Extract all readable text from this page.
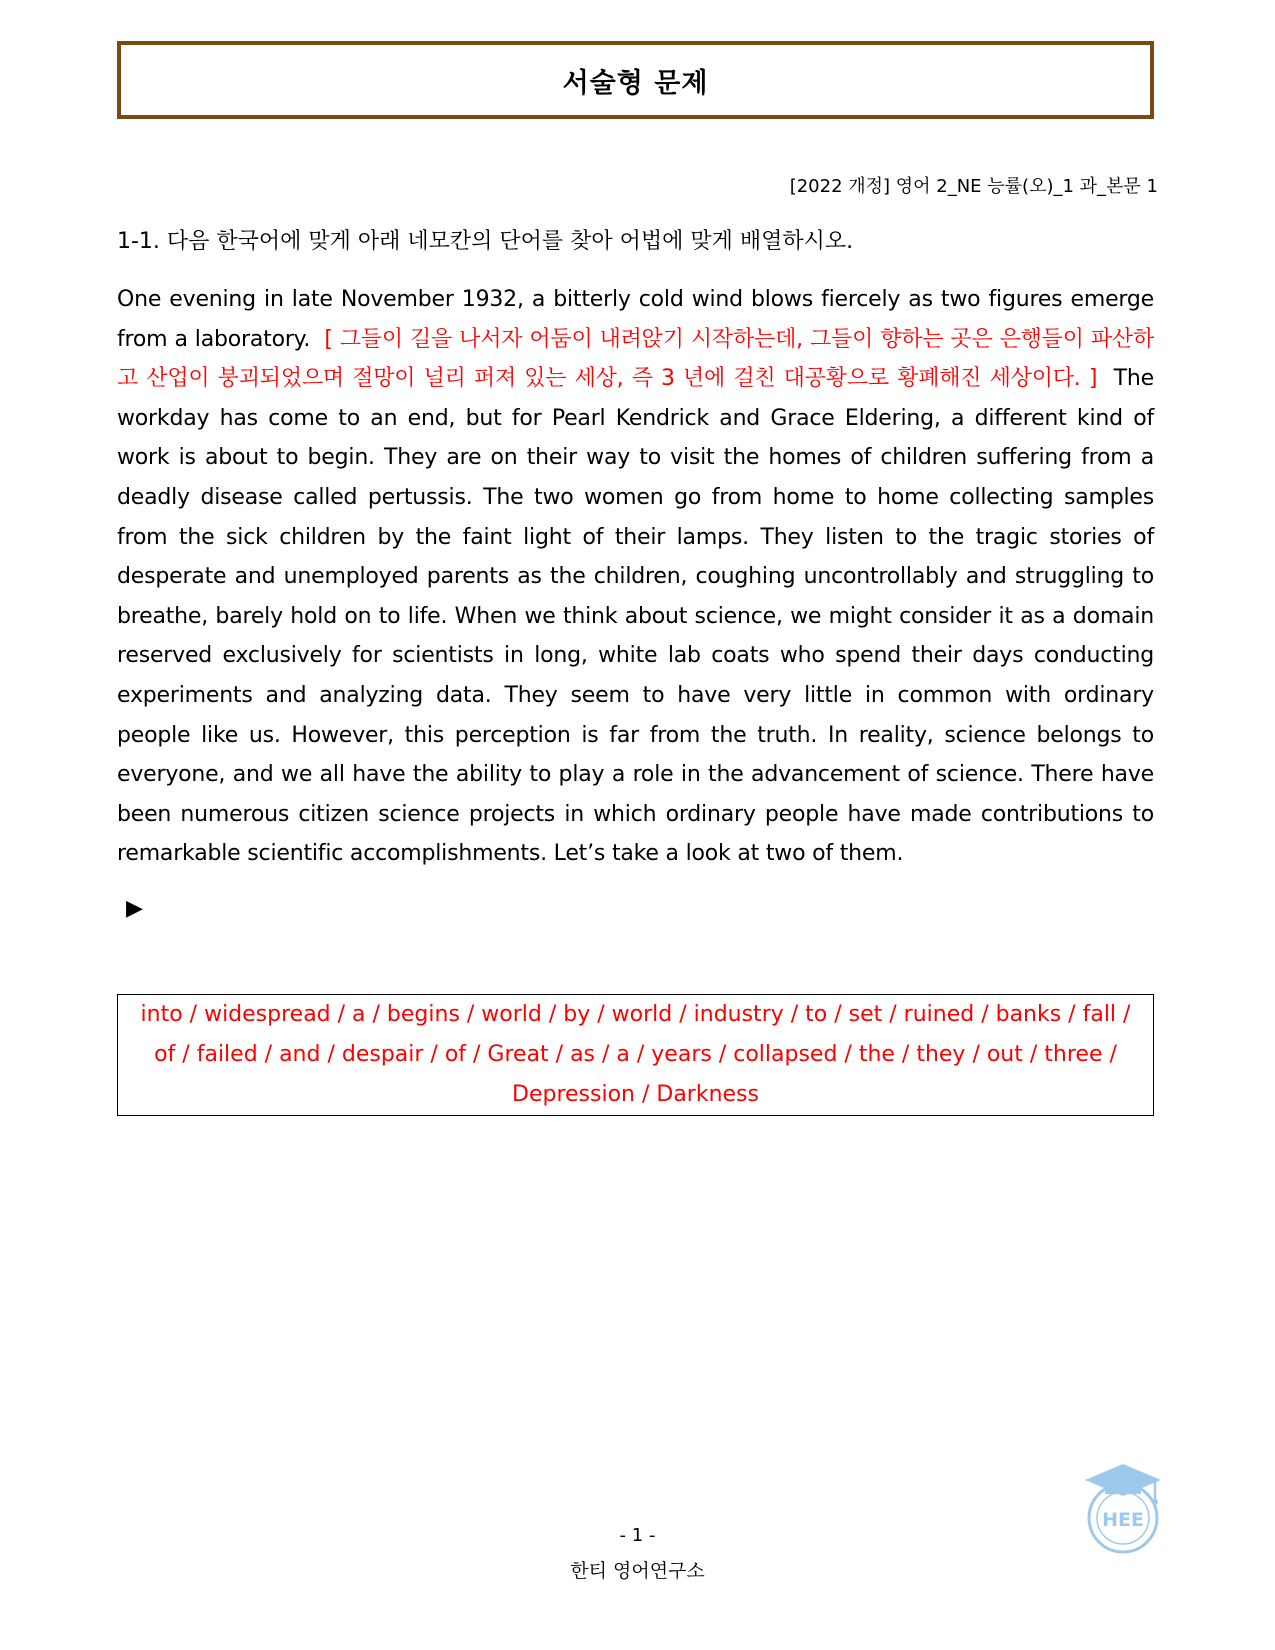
서술형 문제
[2022 개정] 영어 2_NE 능률(오)_1 과_본문 1
1-1. 다음 한국어에 맞게 아래 네모칸의 단어를 찾아 어법에 맞게 배열하시오.
One evening in late November 1932, a bitterly cold wind blows fiercely as two figures emerge from a laboratory. [ 그들이 길을 나서자 어둠이 내려앉기 시작하는데, 그들이 향하는 곳은 은행들이 파산하고 산업이 붕괴되었으며 절망이 널리 퍼져 있는 세상, 즉 3 년에 걸친 대공황으로 황폐해진 세상이다. ] The workday has come to an end, but for Pearl Kendrick and Grace Eldering, a different kind of work is about to begin. They are on their way to visit the homes of children suffering from a deadly disease called pertussis. The two women go from home to home collecting samples from the sick children by the faint light of their lamps. They listen to the tragic stories of desperate and unemployed parents as the children, coughing uncontrollably and struggling to breathe, barely hold on to life. When we think about science, we might consider it as a domain reserved exclusively for scientists in long, white lab coats who spend their days conducting experiments and analyzing data. They seem to have very little in common with ordinary people like us. However, this perception is far from the truth. In reality, science belongs to everyone, and we all have the ability to play a role in the advancement of science. There have been numerous citizen science projects in which ordinary people have made contributions to remarkable scientific accomplishments. Let’s take a look at two of them.
▶
into / widespread / a / begins / world / by / world / industry / to / set / ruined / banks / fall / of / failed / and / despair / of / Great / as / a / years / collapsed / the / they / out / three / Depression / Darkness
- 1 -
한티 영어연구소
HEE
